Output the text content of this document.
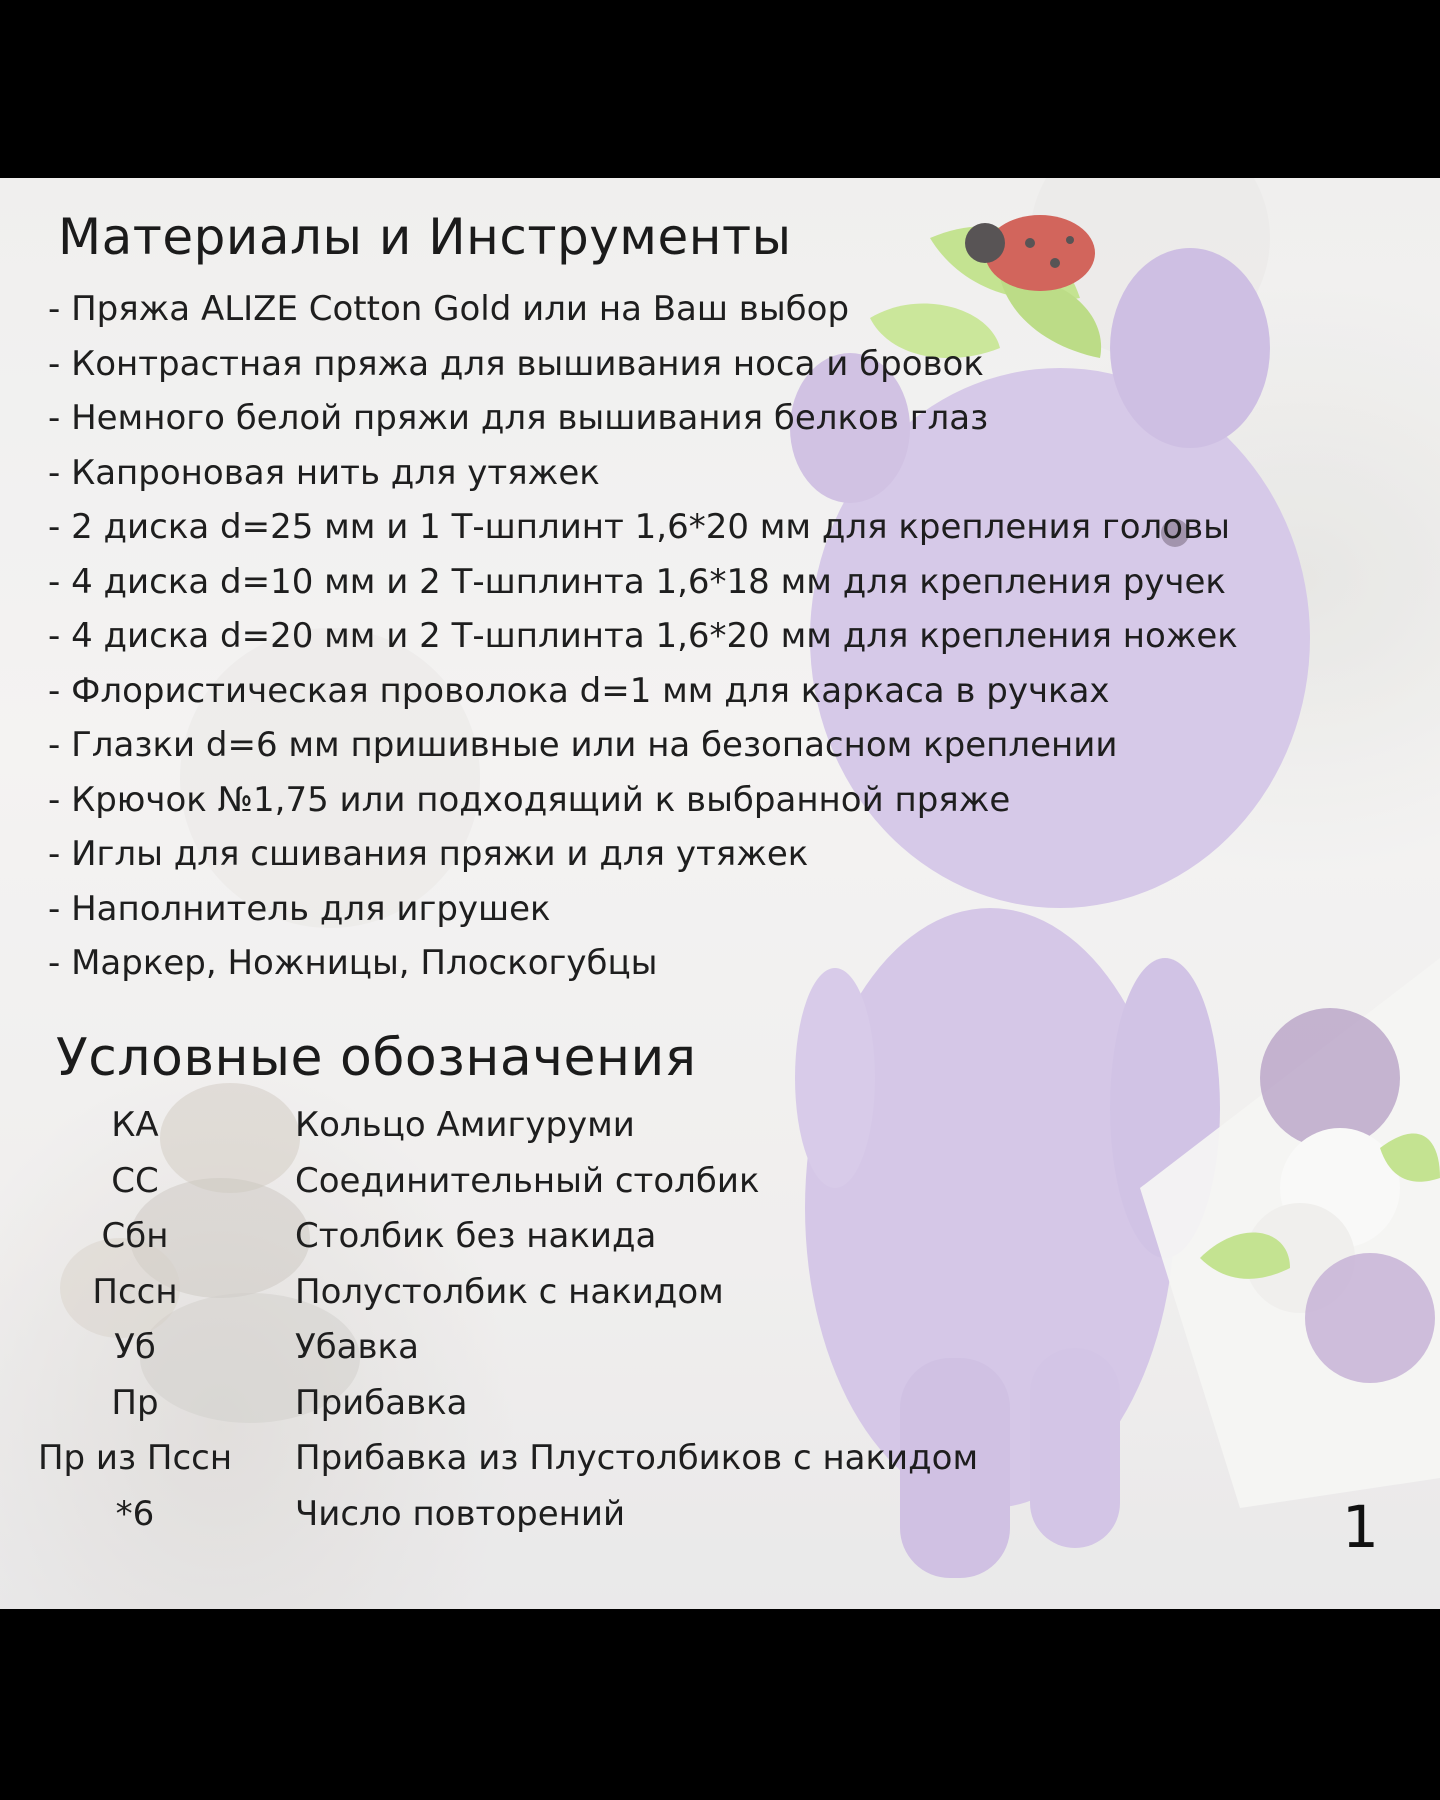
Материалы и Инструменты
- Пряжа ALIZE Cotton Gold или на Ваш выбор
- Контрастная пряжа для вышивания носа и бровок
- Немного белой пряжи для вышивания белков глаз
- Капроновая нить для утяжек
- 2 диска d=25 мм и 1 Т-шплинт 1,6*20 мм для крепления головы
- 4 диска d=10 мм и 2 Т-шплинта 1,6*18 мм для крепления ручек
- 4 диска d=20 мм и 2 Т-шплинта 1,6*20 мм для крепления ножек
- Флористическая проволока d=1 мм для каркаса в ручках
- Глазки d=6 мм пришивные или на безопасном креплении
- Крючок №1,75 или подходящий к выбранной пряже
- Иглы для сшивания пряжи и для утяжек
- Наполнитель для игрушек
- Маркер, Ножницы, Плоскогубцы
Условные обозначения
КА	Кольцо Амигуруми
СС	Соединительный столбик
Сбн	Столбик без накида
Пссн	Полустолбик с накидом
Уб	Убавка
Пр	Прибавка
Пр из Пссн	Прибавка из Плустолбиков с накидом
*6	Число повторений	1
